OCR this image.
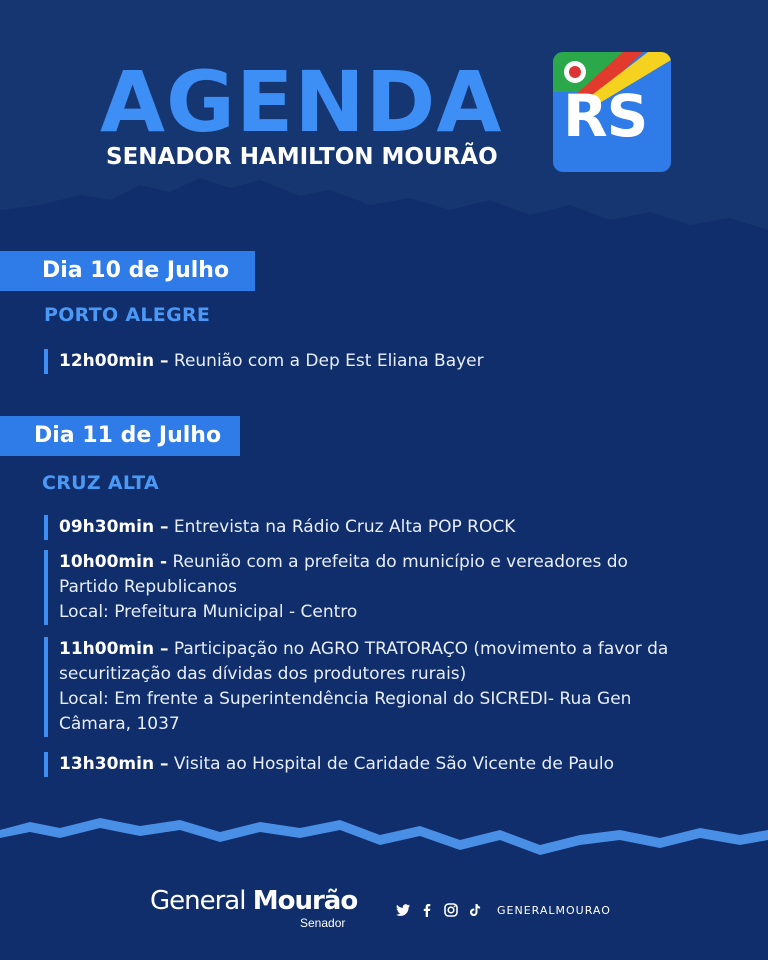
AGENDA
SENADOR HAMILTON MOURÃO
RS
Dia 10 de Julho
PORTO ALEGRE
12h00min – Reunião com a Dep Est Eliana Bayer
Dia 11 de Julho
CRUZ ALTA
09h30min – Entrevista na Rádio Cruz Alta POP ROCK
10h00min - Reunião com a prefeita do município e vereadores do
Partido Republicanos
Local: Prefeitura Municipal - Centro
11h00min – Participação no AGRO TRATORAÇO (movimento a favor da
securitização das dívidas dos produtores rurais)
Local: Em frente a Superintendência Regional do SICREDI- Rua Gen
Câmara, 1037
13h30min – Visita ao Hospital de Caridade São Vicente de Paulo
General Mourão
Senador
GENERALMOURAO
